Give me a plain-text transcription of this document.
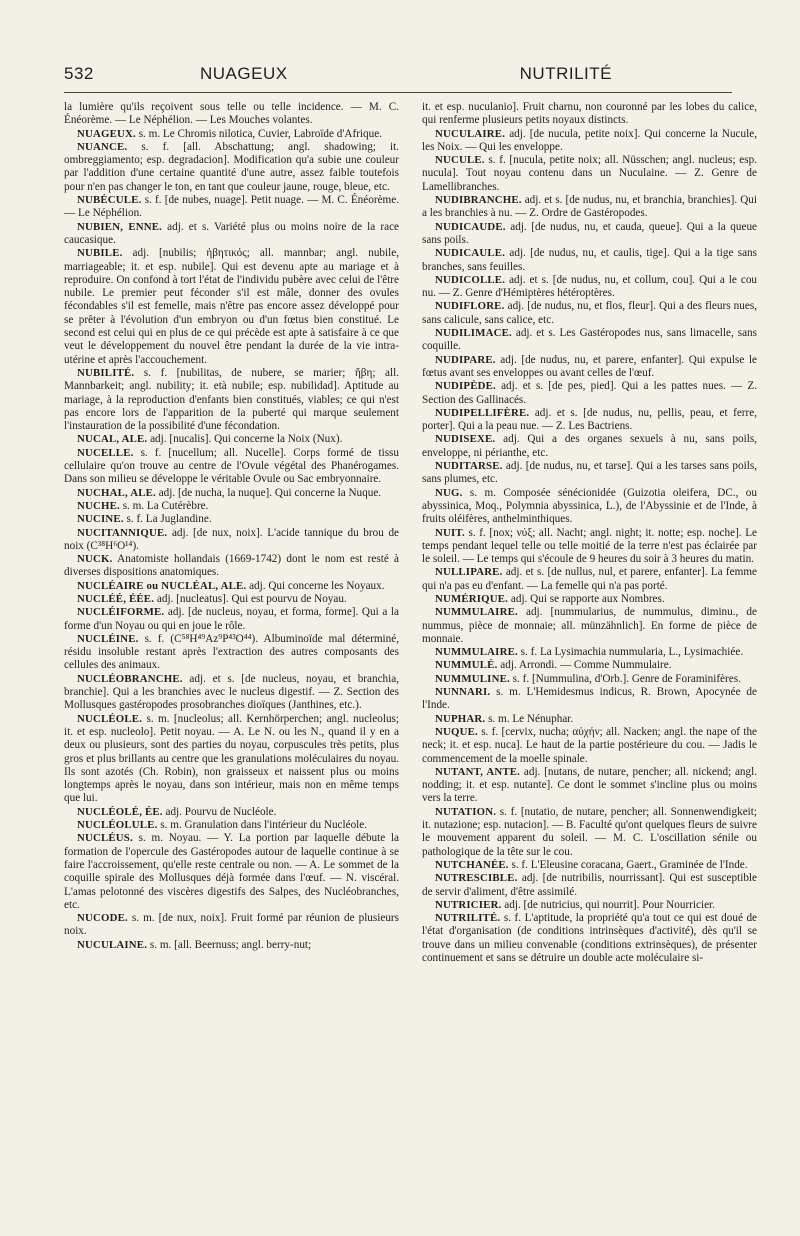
532	NUAGEUX	NUTRILITÉ

la lumière qu'ils reçoivent sous telle ou telle incidence. — M. C. Énéorème. — Le Néphélion. — Les Mouches volantes.

NUAGEUX. s. m. Le Chromis nilotica, Cuvier, Labroïde d'Afrique.

NUANCE. s. f. [all. Abschattung; angl. shadowing; it. ombreggiamento; esp. degradacion]. Modification qu'a subie une couleur par l'addition d'une certaine quantité d'une autre, assez faible toutefois pour n'en pas changer le ton, en tant que couleur jaune, rouge, bleue, etc.

NUBÉCULE. s. f. [de nubes, nuage]. Petit nuage. — M. C. Énéorème. — Le Néphélion.

NUBIEN, ENNE. adj. et s. Variété plus ou moins noire de la race caucasique.

NUBILE. adj. [nubilis; ἡβητικός; all. mannbar; angl. nubile, marriageable; it. et esp. nubile]. Qui est devenu apte au mariage et à reproduire. On confond à tort l'état de l'individu pubère avec celui de l'être nubile. Le premier peut féconder s'il est mâle, donner des ovules fécondables s'il est femelle, mais n'être pas encore assez développé pour se prêter à l'évolution d'un embryon ou d'un fœtus bien constitué. Le second est celui qui en plus de ce qui précède est apte à satisfaire à ce que veut le développement du nouvel être pendant la durée de la vie intra-utérine et après l'accouchement.

NUBILITÉ. s. f. [nubilitas, de nubere, se marier; ἥβη; all. Mannbarkeit; angl. nubility; it. età nubile; esp. nubilidad]. Aptitude au mariage, à la reproduction d'enfants bien constitués, viables; ce qui n'est pas encore lors de l'apparition de la puberté qui marque seulement l'instauration de la possibilité d'une fécondation.

NUCAL, ALE. adj. [nucalis]. Qui concerne la Noix (Nux).

NUCELLE. s. f. [nucellum; all. Nucelle]. Corps formé de tissu cellulaire qu'on trouve au centre de l'Ovule végétal des Phanérogames. Dans son milieu se développe le véritable Ovule ou Sac embryonnaire.

NUCHAL, ALE. adj. [de nucha, la nuque]. Qui concerne la Nuque.

NUCHE. s. m. La Cutérèbre.

NUCINE. s. f. La Juglandine.

NUCITANNIQUE. adj. [de nux, noix]. L'acide tannique du brou de noix (C³⁸H⁶O¹⁴).

NUCK. Anatomiste hollandais (1669-1742) dont le nom est resté à diverses dispositions anatomiques.

NUCLÉAIRE ou NUCLÉAL, ALE. adj. Qui concerne les Noyaux.

NUCLÉÉ, ÉÉE. adj. [nucleatus]. Qui est pourvu de Noyau.

NUCLÉIFORME. adj. [de nucleus, noyau, et forma, forme]. Qui a la forme d'un Noyau ou qui en joue le rôle.

NUCLÉINE. s. f. (C⁵⁸H⁴⁹Az⁹P⁴³O⁴⁴). Albuminoïde mal déterminé, résidu insoluble restant après l'extraction des autres composants des cellules des animaux.

NUCLÉOBRANCHE. adj. et s. [de nucleus, noyau, et branchia, branchie]. Qui a les branchies avec le nucleus digestif. — Z. Section des Mollusques gastéropodes prosobranches dioïques (Janthines, etc.).

NUCLÉOLE. s. m. [nucleolus; all. Kernhörperchen; angl. nucleolus; it. et esp. nucleolo]. Petit noyau. — A. Le N. ou les N., quand il y en a deux ou plusieurs, sont des parties du noyau, corpuscules très petits, plus gros et plus brillants au centre que les granulations moléculaires du noyau. Ils sont azotés (Ch. Robin), non graisseux et naissent plus ou moins longtemps après le noyau, dans son intérieur, mais non en même temps que lui.

NUCLÉOLÉ, ÉE. adj. Pourvu de Nucléole.

NUCLÉOLULE. s. m. Granulation dans l'intérieur du Nucléole.

NUCLÉUS. s. m. Noyau. — Y. La portion par laquelle débute la formation de l'opercule des Gastéropodes autour de laquelle continue à se faire l'accroissement, qu'elle reste centrale ou non. — A. Le sommet de la coquille spirale des Mollusques déjà formée dans l'œuf. — N. viscéral. L'amas pelotonné des viscères digestifs des Salpes, des Nucléobranches, etc.

NUCODE. s. m. [de nux, noix]. Fruit formé par réunion de plusieurs noix.

NUCULAINE. s. m. [all. Beernuss; angl. berry-nut;

it. et esp. nuculanio]. Fruit charnu, non couronné par les lobes du calice, qui renferme plusieurs petits noyaux distincts.

NUCULAIRE. adj. [de nucula, petite noix]. Qui concerne la Nucule, les Noix. — Qui les enveloppe.

NUCULE. s. f. [nucula, petite noix; all. Nüsschen; angl. nucleus; esp. nucula]. Tout noyau contenu dans un Nuculaine. — Z. Genre de Lamellibranches.

NUDIBRANCHE. adj. et s. [de nudus, nu, et branchia, branchies]. Qui a les branchies à nu. — Z. Ordre de Gastéropodes.

NUDICAUDE. adj. [de nudus, nu, et cauda, queue]. Qui a la queue sans poils.

NUDICAULE. adj. [de nudus, nu, et caulis, tige]. Qui a la tige sans branches, sans feuilles.

NUDICOLLE. adj. et s. [de nudus, nu, et collum, cou]. Qui a le cou nu. — Z. Genre d'Hémiptères hétéroptères.

NUDIFLORE. adj. [de nudus, nu, et flos, fleur]. Qui a des fleurs nues, sans calicule, sans calice, etc.

NUDILIMACE. adj. et s. Les Gastéropodes nus, sans limacelle, sans coquille.

NUDIPARE. adj. [de nudus, nu, et parere, enfanter]. Qui expulse le fœtus avant ses enveloppes ou avant celles de l'œuf.

NUDIPÈDE. adj. et s. [de pes, pied]. Qui a les pattes nues. — Z. Section des Gallinacés.

NUDIPELLIFÈRE. adj. et s. [de nudus, nu, pellis, peau, et ferre, porter]. Qui a la peau nue. — Z. Les Bactriens.

NUDISEXE. adj. Qui a des organes sexuels à nu, sans poils, enveloppe, ni périanthe, etc.

NUDITARSE. adj. [de nudus, nu, et tarse]. Qui a les tarses sans poils, sans plumes, etc.

NUG. s. m. Composée sénécionidée (Guizotia oleifera, DC., ou abyssinica, Moq., Polymnia abyssinica, L.), de l'Abyssinie et de l'Inde, à fruits oléifères, anthelminthiques.

NUIT. s. f. [nox; νύξ; all. Nacht; angl. night; it. notte; esp. noche]. Le temps pendant lequel telle ou telle moitié de la terre n'est pas éclairée par le soleil. — Le temps qui s'écoule de 9 heures du soir à 3 heures du matin.

NULLIPARE. adj. et s. [de nullus, nul, et parere, enfanter]. La femme qui n'a pas eu d'enfant. — La femelle qui n'a pas porté.

NUMÉRIQUE. adj. Qui se rapporte aux Nombres.

NUMMULAIRE. adj. [nummularius, de nummulus, diminu., de nummus, pièce de monnaie; all. münzähnlich]. En forme de pièce de monnaie.

NUMMULAIRE. s. f. La Lysimachia nummularia, L., Lysimachiée.

NUMMULÉ. adj. Arrondi. — Comme Nummulaire.

NUMMULINE. s. f. [Nummulina, d'Orb.]. Genre de Foraminifères.

NUNNARI. s. m. L'Hemidesmus indicus, R. Brown, Apocynée de l'Inde.

NUPHAR. s. m. Le Nénuphar.

NUQUE. s. f. [cervix, nucha; αὐχήν; all. Nacken; angl. the nape of the neck; it. et esp. nuca]. Le haut de la partie postérieure du cou. — Jadis le commencement de la moelle spinale.

NUTANT, ANTE. adj. [nutans, de nutare, pencher; all. nickend; angl. nodding; it. et esp. nutante]. Ce dont le sommet s'incline plus ou moins vers la terre.

NUTATION. s. f. [nutatio, de nutare, pencher; all. Sonnenwendigkeit; it. nutazione; esp. nutacion]. — B. Faculté qu'ont quelques fleurs de suivre le mouvement apparent du soleil. — M. C. L'oscillation sénile ou pathologique de la tête sur le cou.

NUTCHANÉE. s. f. L'Eleusine coracana, Gaert., Graminée de l'Inde.

NUTRESCIBLE. adj. [de nutribilis, nourrissant]. Qui est susceptible de servir d'aliment, d'être assimilé.

NUTRICIER. adj. [de nutricius, qui nourrit]. Pour Nourricier.

NUTRILITÉ. s. f. L'aptitude, la propriété qu'a tout ce qui est doué de l'état d'organisation (de conditions intrinsèques d'activité), dès qu'il se trouve dans un milieu convenable (conditions extrinsèques), de présenter continuement et sans se détruire un double acte moléculaire si-
